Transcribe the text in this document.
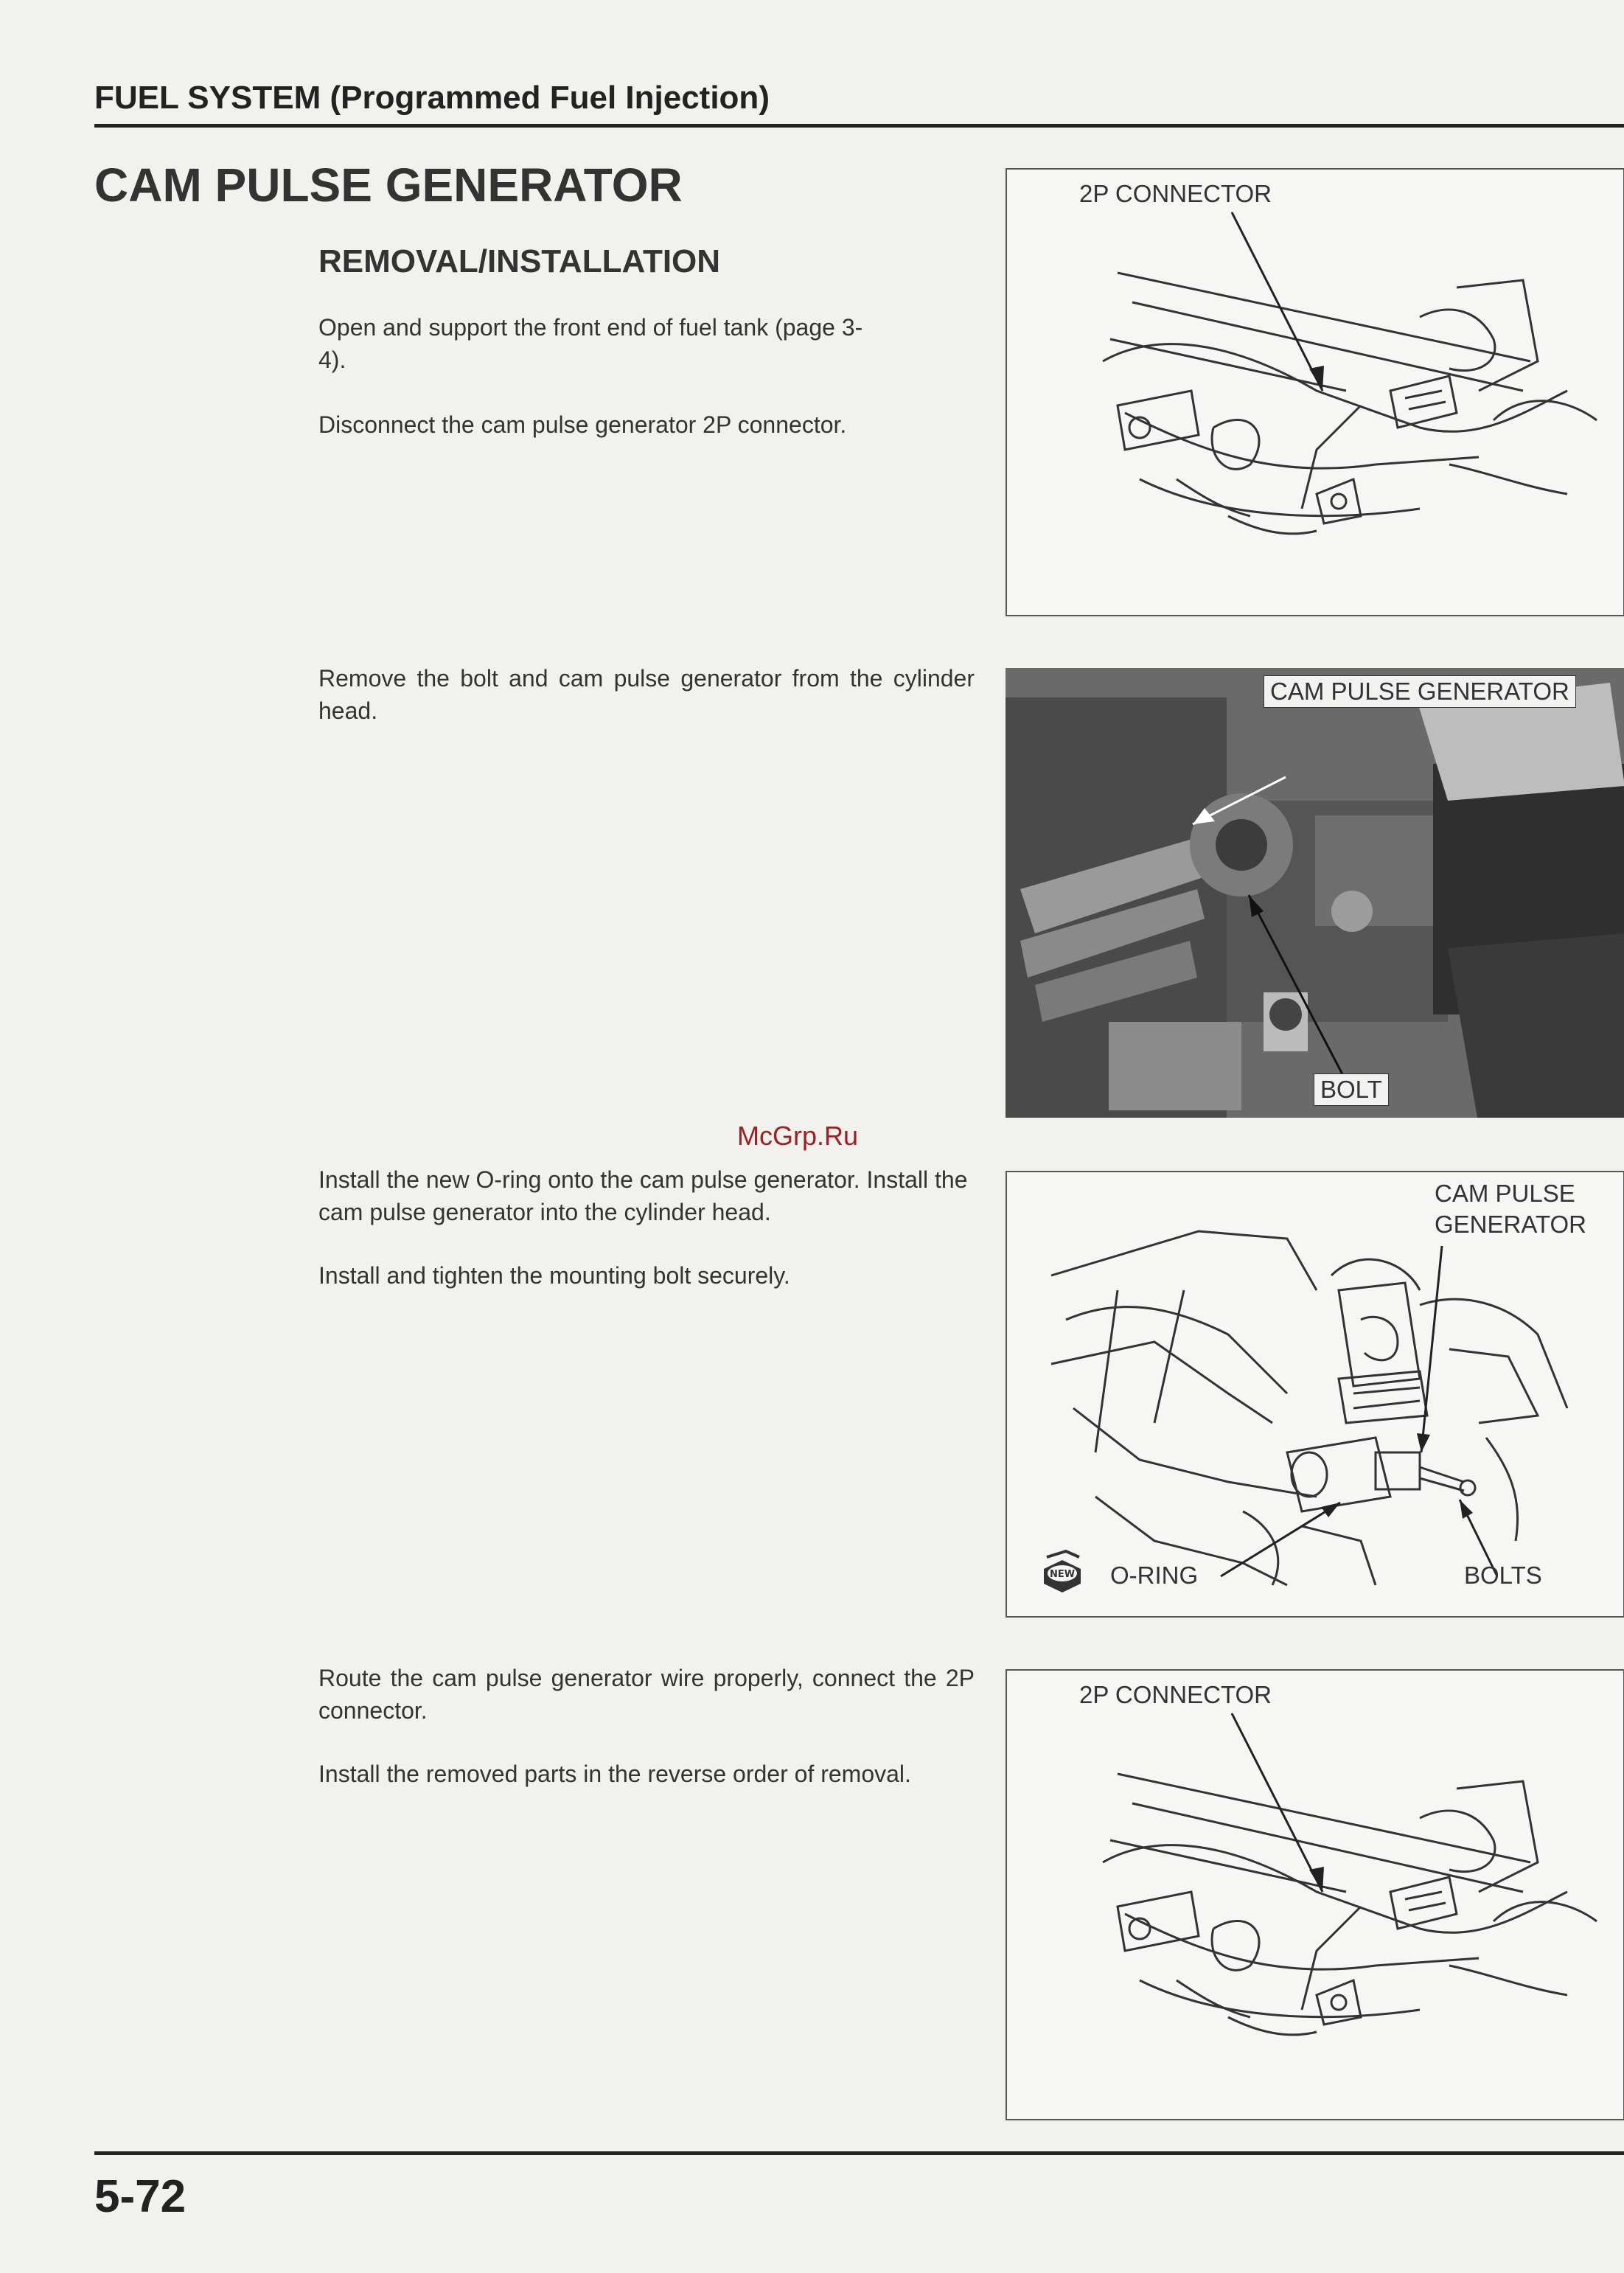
FUEL SYSTEM (Programmed Fuel Injection)
CAM PULSE GENERATOR
REMOVAL/INSTALLATION

Open and support the front end of fuel tank (page 3-4).

Disconnect the cam pulse generator 2P connector.

2P CONNECTOR

Remove the bolt and cam pulse generator from the cylinder head.

CAM PULSE GENERATOR
BOLT

Install the new O-ring onto the cam pulse generator. Install the cam pulse generator into the cylinder head.

Install and tighten the mounting bolt securely.

McGrp.Ru
CAM PULSE
GENERATOR
NEW O-RING	BOLTS

Route the cam pulse generator wire properly, connect the 2P connector.

Install the removed parts in the reverse order of removal.

2P CONNECTOR
5-72
